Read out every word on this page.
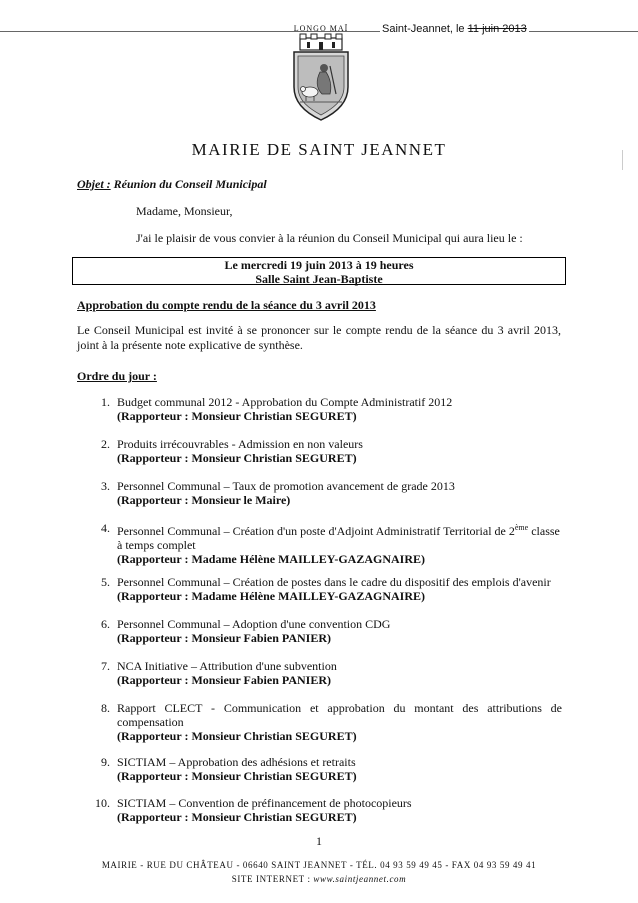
Saint-Jeannet, le 11 juin 2013
LONGO MAÏ
MAIRIE DE SAINT JEANNET
Objet : Réunion du Conseil Municipal
Madame, Monsieur,
J'ai le plaisir de vous convier à la réunion du Conseil Municipal qui aura lieu le :
Le mercredi 19 juin 2013 à 19 heures
Salle Saint Jean-Baptiste
Approbation du compte rendu de la séance du 3 avril 2013
Le Conseil Municipal est invité à se prononcer sur le compte rendu de la séance du 3 avril 2013, joint à la présente note explicative de synthèse.
Ordre du jour :
1. Budget communal 2012 - Approbation du Compte Administratif 2012
(Rapporteur : Monsieur Christian SEGURET)
2. Produits irrécouvrables - Admission en non valeurs
(Rapporteur : Monsieur Christian SEGURET)
3. Personnel Communal – Taux de promotion avancement de grade 2013
(Rapporteur : Monsieur le Maire)
4. Personnel Communal – Création d'un poste d'Adjoint Administratif Territorial de 2ème classe
à temps complet
(Rapporteur : Madame Hélène MAILLEY-GAZAGNAIRE)
5. Personnel Communal – Création de postes dans le cadre du dispositif des emplois d'avenir
(Rapporteur : Madame Hélène MAILLEY-GAZAGNAIRE)
6. Personnel Communal – Adoption d'une convention CDG
(Rapporteur : Monsieur Fabien PANIER)
7. NCA Initiative – Attribution d'une subvention
(Rapporteur : Monsieur Fabien PANIER)
8. Rapport CLECT - Communication et approbation du montant des attributions de
compensation
(Rapporteur : Monsieur Christian SEGURET)
9. SICTIAM – Approbation des adhésions et retraits
(Rapporteur : Monsieur Christian SEGURET)
10. SICTIAM – Convention de préfinancement de photocopieurs
(Rapporteur : Monsieur Christian SEGURET)
1
MAIRIE - RUE DU CHÂTEAU - 06640 SAINT JEANNET - TÉL. 04 93 59 49 45 - FAX 04 93 59 49 41
SITE INTERNET : www.saintjeannet.com
